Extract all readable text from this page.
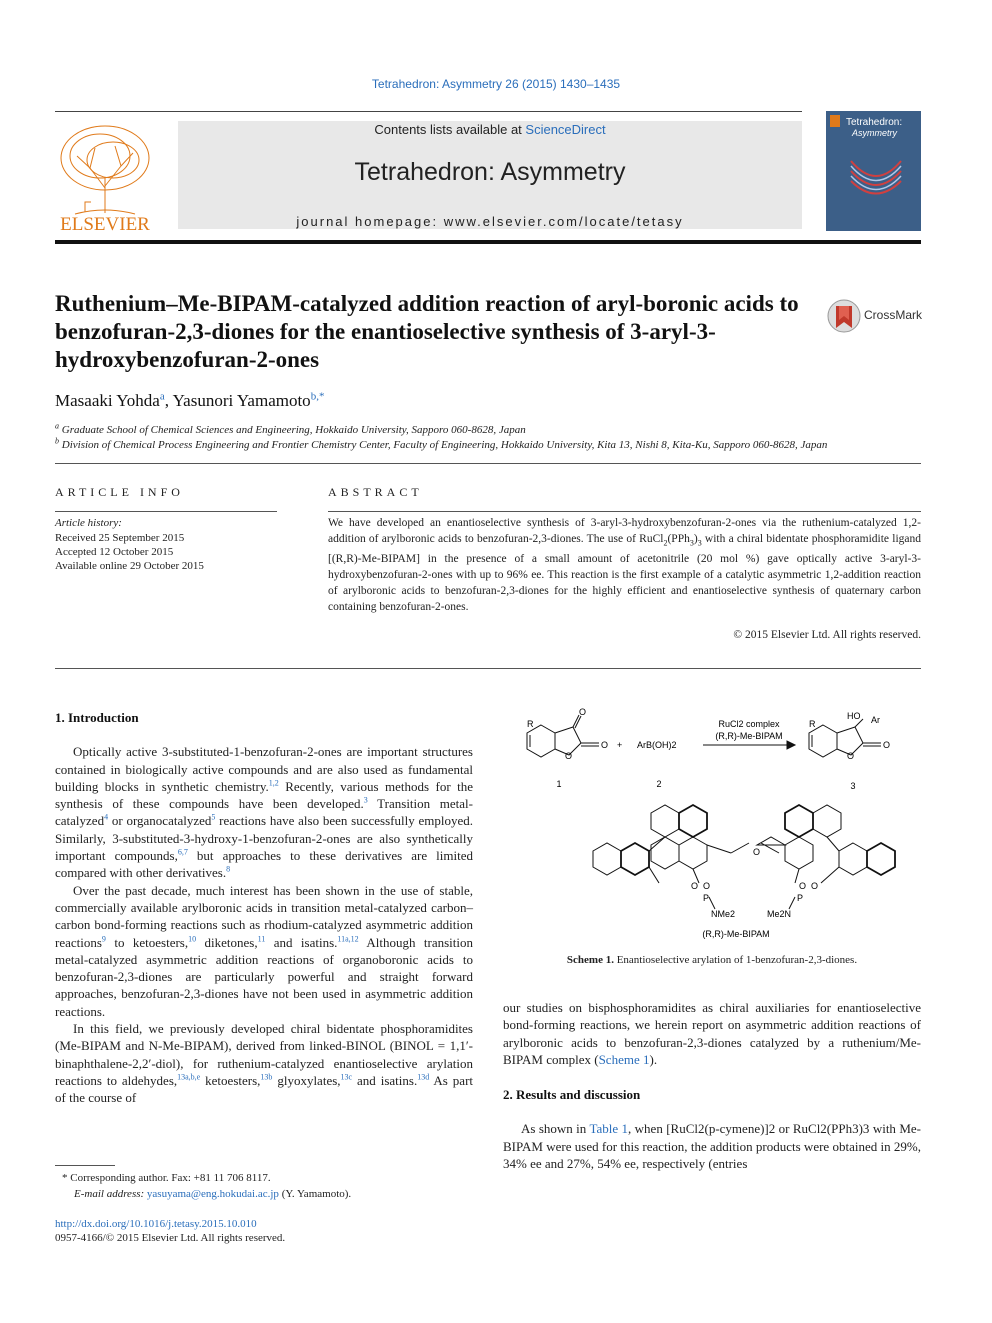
Tetrahedron: Asymmetry 26 (2015) 1430–1435
ELSEVIER
Contents lists available at ScienceDirect
Tetrahedron: Asymmetry
journal homepage: www.elsevier.com/locate/tetasy
Tetrahedron:
Asymmetry
Ruthenium–Me-BIPAM-catalyzed addition reaction of aryl-boronic acids to benzofuran-2,3-diones for the enantioselective synthesis of 3-aryl-3-hydroxybenzofuran-2-ones
CrossMark
Masaaki Yohda$^a$, Yasunori Yamamoto$^{b,*}$
$^a$ Graduate School of Chemical Sciences and Engineering, Hokkaido University, Sapporo 060-8628, Japan
$^b$ Division of Chemical Process Engineering and Frontier Chemistry Center, Faculty of Engineering, Hokkaido University, Kita 13, Nishi 8, Kita-Ku, Sapporo 060-8628, Japan
ARTICLE INFO
Article history:
Received 25 September 2015
Accepted 12 October 2015
Available online 29 October 2015
ABSTRACT
We have developed an enantioselective synthesis of 3-aryl-3-hydroxybenzofuran-2-ones via the ruthenium-catalyzed 1,2-addition of arylboronic acids to benzofuran-2,3-diones. The use of $RuCl_2(PPh_3)_3$ with a chiral bidentate phosphoramidite ligand [(R,R)-Me-BIPAM] in the presence of a small amount of acetonitrile (20 mol %) gave optically active 3-aryl-3-hydroxybenzofuran-2-ones with up to 96% ee. This reaction is the first example of a catalytic asymmetric 1,2-addition reaction of arylboronic acids to benzofuran-2,3-diones for the highly efficient and enantioselective synthesis of quaternary carbon containing benzofuran-2-ones.
© 2015 Elsevier Ltd. All rights reserved.
1. Introduction

Optically active 3-substituted-1-benzofuran-2-ones are important structures contained in biologically active compounds and are also used as fundamental building blocks in synthetic chemistry.$^{1,2}$ Recently, various methods for the synthesis of these compounds have been developed.$^3$ Transition metal-catalyzed$^4$ or organocatalyzed$^5$ reactions have also been successfully employed. Similarly, 3-substituted-3-hydroxy-1-benzofuran-2-ones are also synthetically important compounds,$^{6,7}$ but approaches to these derivatives are limited compared with other derivatives.$^8$

Over the past decade, much interest has been shown in the use of stable, commercially available arylboronic acids in transition metal-catalyzed carbon–carbon bond-forming reactions such as rhodium-catalyzed asymmetric addition reactions$^9$ to ketoesters,$^{10}$ diketones,$^{11}$ and isatins.$^{11a,12}$ Although transition metal-catalyzed asymmetric addition reactions of organoboronic acids to benzofuran-2,3-diones are particularly powerful and straight forward approaches, benzofuran-2,3-diones have not been used in asymmetric addition reactions.

In this field, we previously developed chiral bidentate phosphoramidites (Me-BIPAM and N-Me-BIPAM), derived from linked-BINOL (BINOL = 1,1′-binaphthalene-2,2′-diol), for ruthenium-catalyzed enantioselective arylation reactions to aldehydes,$^{13a,b,e}$ ketoesters,$^{13b}$ glyoxylates,$^{13c}$ and isatins.$^{13d}$ As part of the course of

* Corresponding author. Fax: +81 11 706 8117.
E-mail address: yasuyama@eng.hokudai.ac.jp (Y. Yamamoto).
http://dx.doi.org/10.1016/j.tetasy.2015.10.010
0957-4166/© 2015 Elsevier Ltd. All rights reserved.
R
O
O
O + ArB(OH)2
RuCl2 complex
(R,R)-Me-BIPAM
R
HO Ar
O
O
1	2	3
O
O O
P
O O
P
NMe2	Me2N
(R,R)-Me-BIPAM
Scheme 1. Enantioselective arylation of 1-benzofuran-2,3-diones.

our studies on bisphosphoramidites as chiral auxiliaries for enantioselective bond-forming reactions, we herein report on asymmetric addition reactions of arylboronic acids to benzofuran-2,3-diones catalyzed by a ruthenium/Me-BIPAM complex (Scheme 1).

2. Results and discussion

As shown in Table 1, when [RuCl2(p-cymene)]2 or RuCl2(PPh3)3 with Me-BIPAM were used for this reaction, the addition products were obtained in 29%, 34% ee and 27%, 54% ee, respectively (entries
